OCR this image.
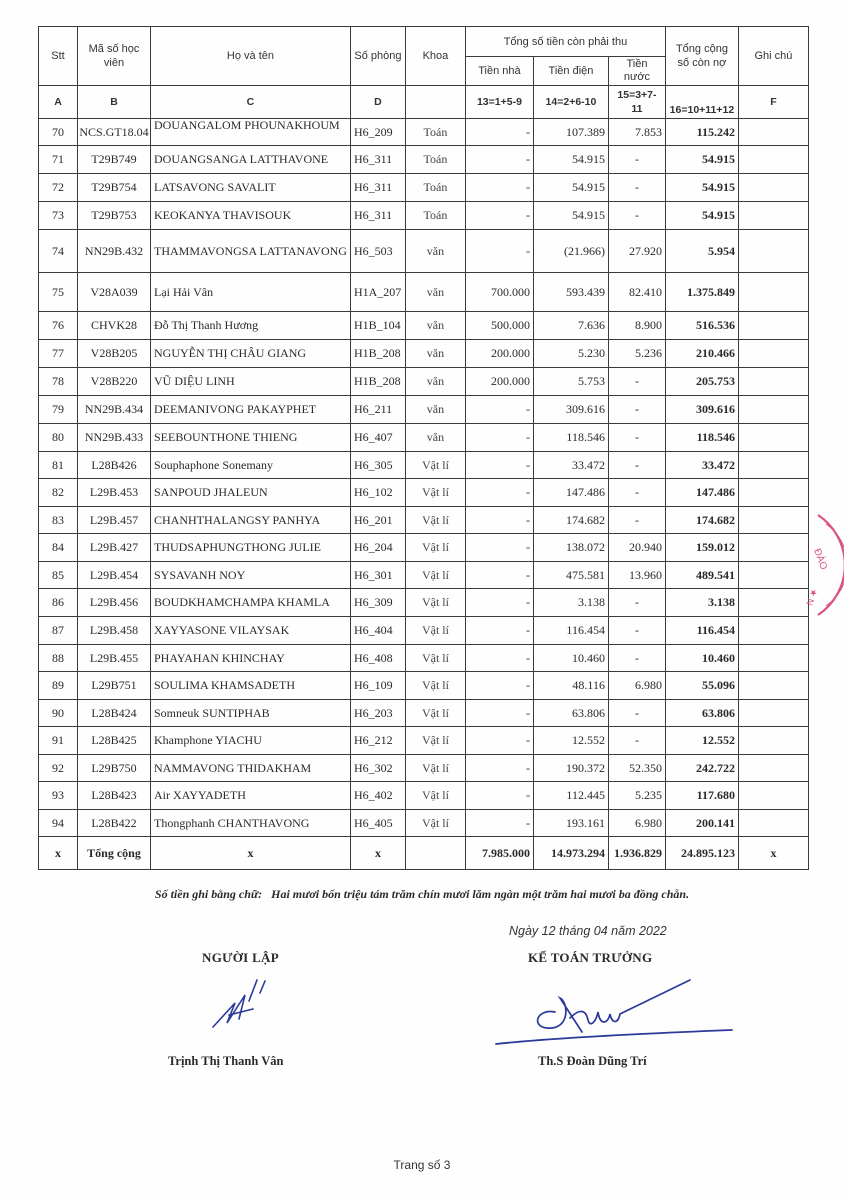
Stt	Mã số học viên	Họ và tên	Số phòng	Khoa	Tổng số tiền còn phải thu			Tổng cộng số còn nợ	Ghi chú
					Tiền nhà	Tiền điện	Tiền nước		
A	B	C	D		13=1+5-9	14=2+6-10	15=3+7-11	16=10+11+12	F
70	NCS.GT18.04	DOUANGALOM PHOUNAKHOUM	H6_209	Toán	-	107.389	7.853	115.242	
71	T29B749	DOUANGSANGA LATTHAVONE	H6_311	Toán	-	54.915	-	54.915	
72	T29B754	LATSAVONG SAVALIT	H6_311	Toán	-	54.915	-	54.915	
73	T29B753	KEOKANYA THAVISOUK	H6_311	Toán	-	54.915	-	54.915	
74	NN29B.432	THAMMAVONGSA LATTANAVONG	H6_503	văn	-	(21.966)	27.920	5.954	
75	V28A039	Lại Hải Vân	H1A_207	văn	700.000	593.439	82.410	1.375.849	
76	CHVK28	Đỗ Thị Thanh Hương	H1B_104	văn	500.000	7.636	8.900	516.536	
77	V28B205	NGUYỄN THỊ CHÂU GIANG	H1B_208	văn	200.000	5.230	5.236	210.466	
78	V28B220	VŨ DIỆU LINH	H1B_208	văn	200.000	5.753	-	205.753	
79	NN29B.434	DEEMANIVONG PAKAYPHET	H6_211	văn	-	309.616	-	309.616	
80	NN29B.433	SEEBOUNTHONE THIENG	H6_407	văn	-	118.546	-	118.546	
81	L28B426	Souphaphone Sonemany	H6_305	Vật lí	-	33.472	-	33.472	
82	L29B.453	SANPOUD JHALEUN	H6_102	Vật lí	-	147.486	-	147.486	
83	L29B.457	CHANHTHALANGSY PANHYA	H6_201	Vật lí	-	174.682	-	174.682	
84	L29B.427	THUDSAPHUNGTHONG JULIE	H6_204	Vật lí	-	138.072	20.940	159.012	
85	L29B.454	SYSAVANH NOY	H6_301	Vật lí	-	475.581	13.960	489.541	
86	L29B.456	BOUDKHAMCHAMPA KHAMLA	H6_309	Vật lí	-	3.138	-	3.138	
87	L29B.458	XAYYASONE VILAYSAK	H6_404	Vật lí	-	116.454	-	116.454	
88	L29B.455	PHAYAHAN KHINCHAY	H6_408	Vật lí	-	10.460	-	10.460	
89	L29B751	SOULIMA KHAMSADETH	H6_109	Vật lí	-	48.116	6.980	55.096	
90	L28B424	Somneuk SUNTIPHAB	H6_203	Vật lí	-	63.806	-	63.806	
91	L28B425	Khamphone YIACHU	H6_212	Vật lí	-	12.552	-	12.552	
92	L29B750	NAMMAVONG THIDAKHAM	H6_302	Vật lí	-	190.372	52.350	242.722	
93	L28B423	Air XAYYADETH	H6_402	Vật lí	-	112.445	5.235	117.680	
94	L28B422	Thongphanh CHANTHAVONG	H6_405	Vật lí	-	193.161	6.980	200.141	
x	Tổng cộng	x	x		7.985.000	14.973.294	1.936.829	24.895.123	x
Số tiền ghi bằng chữ: Hai mươi bốn triệu tám trăm chín mươi lăm ngàn một trăm hai mươi ba đồng chẵn.
Ngày 12 tháng 04 năm 2022
NGƯỜI LẬP	KẾ TOÁN TRƯỞNG
Trịnh Thị Thanh Vân	Th.S Đoàn Dũng Trí
ĐÀO
★ N
Trang số 3
